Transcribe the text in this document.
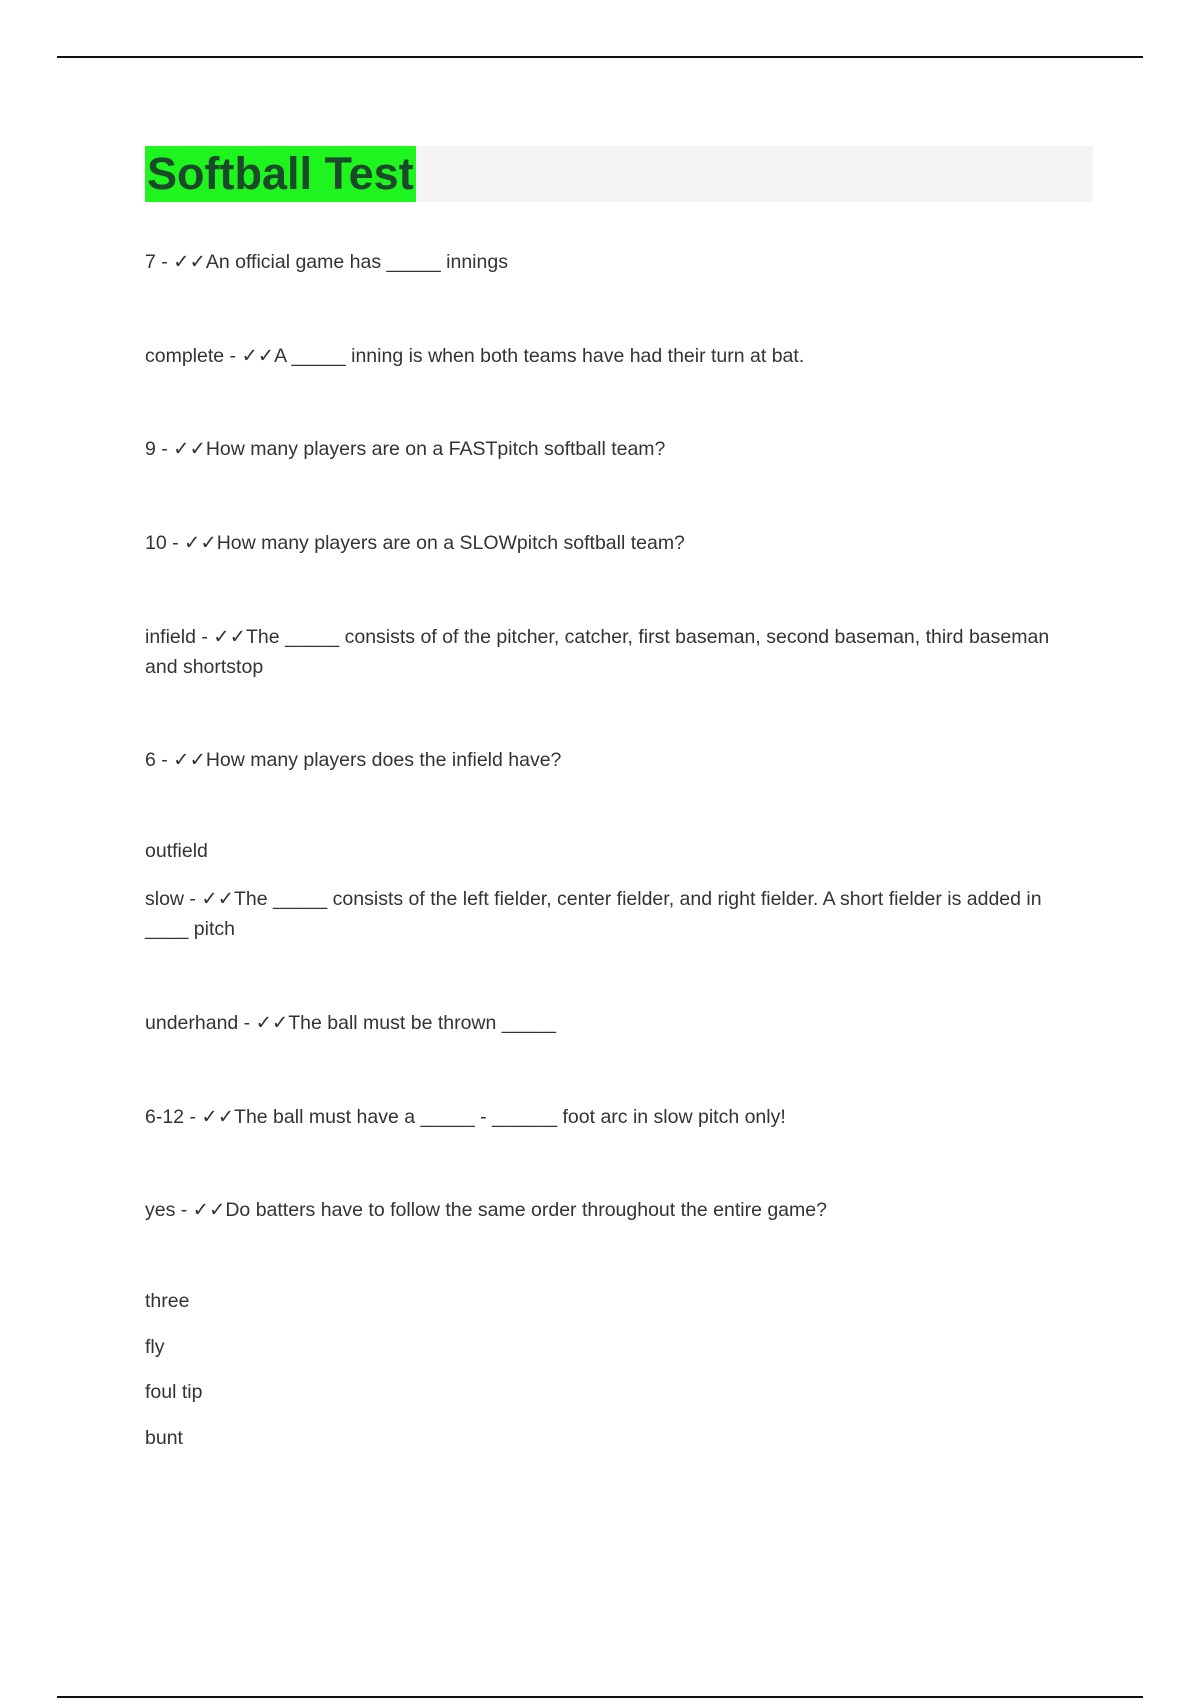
Softball Test
7 - ✓✓An official game has _____ innings
complete - ✓✓A _____ inning is when both teams have had their turn at bat.
9 - ✓✓How many players are on a FASTpitch softball team?
10 - ✓✓How many players are on a SLOWpitch softball team?
infield - ✓✓The _____ consists of of the pitcher, catcher, first baseman, second baseman, third baseman and shortstop
6 - ✓✓How many players does the infield have?
outfield
slow - ✓✓The _____ consists of the left fielder, center fielder, and right fielder. A short fielder is added in ____ pitch
underhand - ✓✓The ball must be thrown _____
6-12 - ✓✓The ball must have a _____ - ______ foot arc in slow pitch only!
yes - ✓✓Do batters have to follow the same order throughout the entire game?
three
fly
foul tip
bunt
